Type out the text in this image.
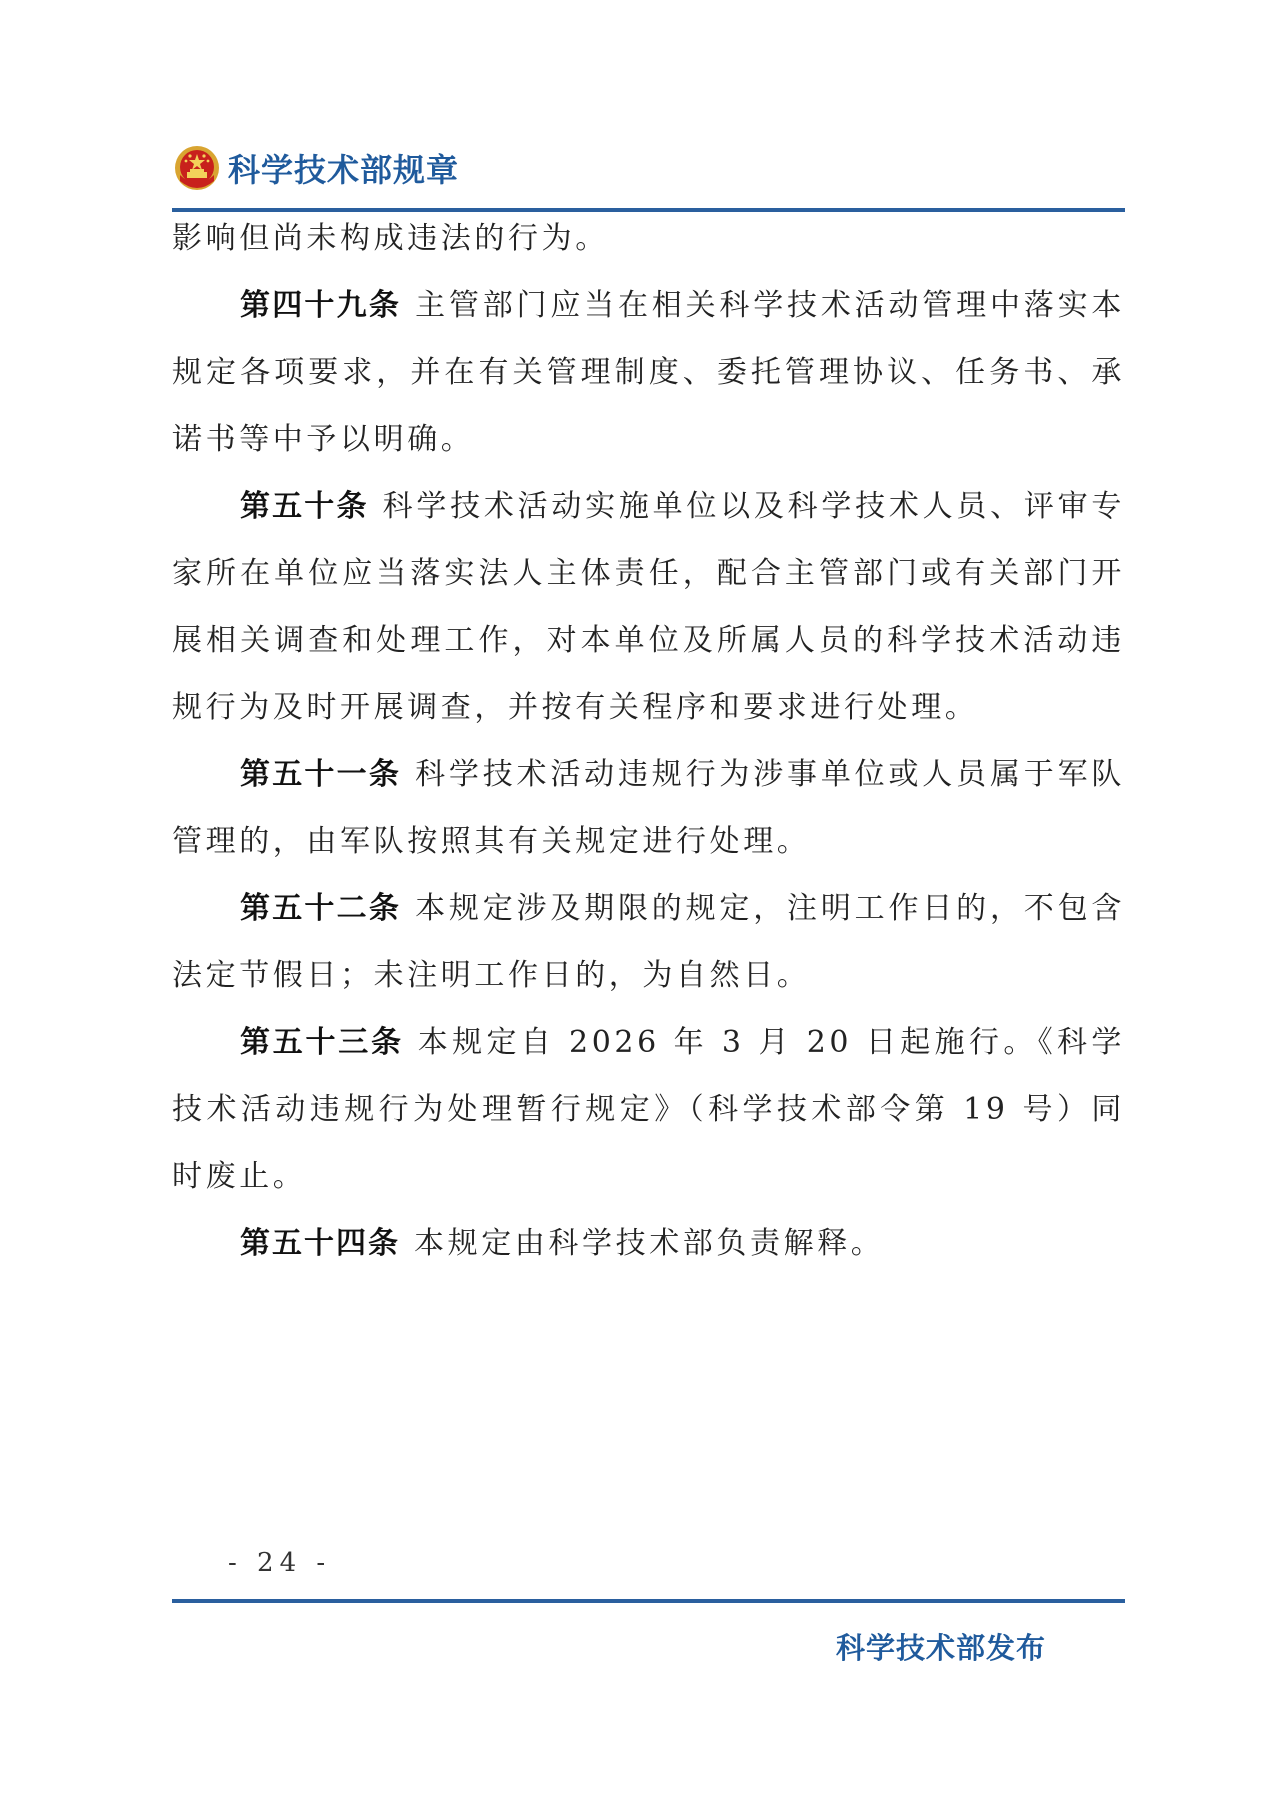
科学技术部规章

影响但尚未构成违法的行为。

第四十九条 主管部门应当在相关科学技术活动管理中落实本规定各项要求，并在有关管理制度、委托管理协议、任务书、承诺书等中予以明确。

第五十条 科学技术活动实施单位以及科学技术人员、评审专家所在单位应当落实法人主体责任，配合主管部门或有关部门开展相关调查和处理工作，对本单位及所属人员的科学技术活动违规行为及时开展调查，并按有关程序和要求进行处理。

第五十一条 科学技术活动违规行为涉事单位或人员属于军队管理的，由军队按照其有关规定进行处理。

第五十二条 本规定涉及期限的规定，注明工作日的，不包含法定节假日；未注明工作日的，为自然日。

第五十三条 本规定自 2026 年 3 月 20 日起施行。《科学技术活动违规行为处理暂行规定》（科学技术部令第 19 号）同时废止。

第五十四条 本规定由科学技术部负责解释。

- 24 -
科学技术部发布
